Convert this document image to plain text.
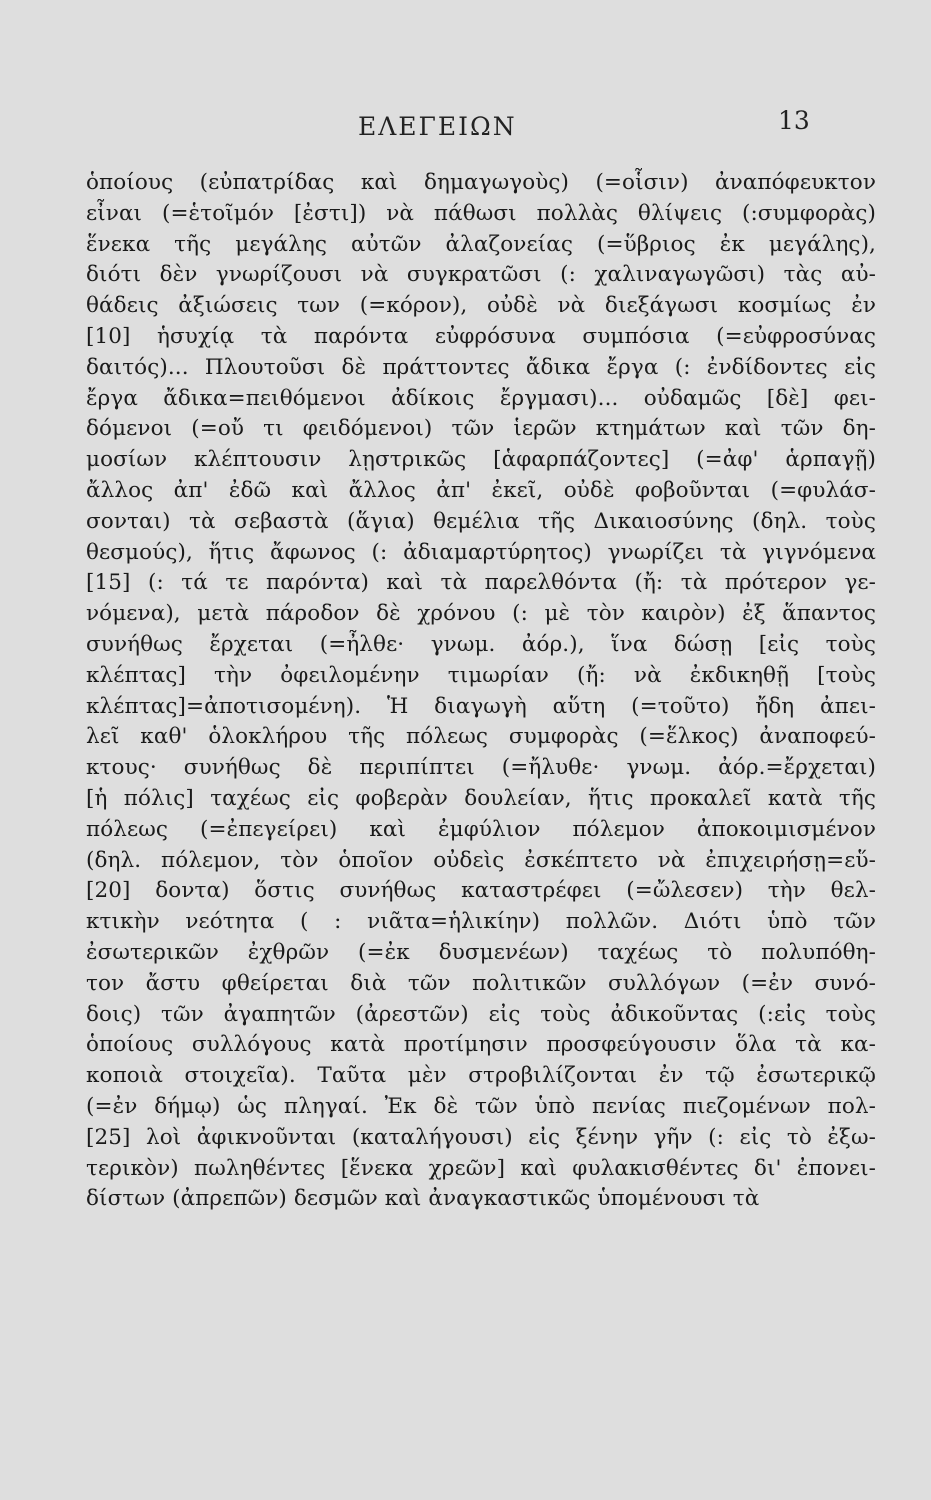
ΕΛΕΓΕΙΩΝ	13
ὁποίους (εὐπατρίδας καὶ δημαγωγοὺς) (=οἷσιν) ἀναπόφευκτον
εἶναι (=ἑτοῖμόν [ἐστι]) νὰ πάθωσι πολλὰς θλίψεις (:συμφορὰς)
ἕνεκα τῆς μεγάλης αὐτῶν ἀλαζονείας (=ὕβριος ἐκ μεγάλης),
διότι δὲν γνωρίζουσι νὰ συγκρατῶσι (: χαλιναγωγῶσι) τὰς αὐ-
θάδεις ἀξιώσεις των (=κόρον), οὐδὲ νὰ διεξάγωσι κοσμίως ἐν
[10] ἡσυχίᾳ τὰ παρόντα εὐφρόσυνα συμπόσια (=εὐφροσύνας
δαιτός)... Πλουτοῦσι δὲ πράττοντες ἄδικα ἔργα (: ἐνδίδοντες εἰς
ἔργα ἄδικα=πειθόμενοι ἀδίκοις ἔργμασι)... οὐδαμῶς [δὲ] φει-
δόμενοι (=οὔ τι φειδόμενοι) τῶν ἱερῶν κτημάτων καὶ τῶν δη-
μοσίων κλέπτουσιν λῃστρικῶς [ἁφαρπάζοντες] (=ἀφ' ἁρπαγῇ)
ἄλλος ἀπ' ἐδῶ καὶ ἄλλος ἀπ' ἐκεῖ, οὐδὲ φοβοῦνται (=φυλάσ-
σονται) τὰ σεβαστὰ (ἅγια) θεμέλια τῆς Δικαιοσύνης (δηλ. τοὺς
θεσμούς), ἥτις ἄφωνος (: ἀδιαμαρτύρητος) γνωρίζει τὰ γιγνόμενα
[15] (: τά τε παρόντα) καὶ τὰ παρελθόντα (ἤ: τὰ πρότερον γε-
νόμενα), μετὰ πάροδον δὲ χρόνου (: μὲ τὸν καιρὸν) ἐξ ἅπαντος
συνήθως ἔρχεται (=ἦλθε· γνωμ. ἀόρ.), ἵνα δώσῃ [εἰς τοὺς
κλέπτας] τὴν ὀφειλομένην τιμωρίαν (ἤ: νὰ ἐκδικηθῇ [τοὺς
κλέπτας]=ἀποτισομένη). Ἡ διαγωγὴ αὕτη (=τοῦτο) ἤδη ἀπει-
λεῖ καθ' ὁλοκλήρου τῆς πόλεως συμφορὰς (=ἕλκος) ἀναποφεύ-
κτους· συνήθως δὲ περιπίπτει (=ἤλυθε· γνωμ. ἀόρ.=ἔρχεται)
[ἡ πόλις] ταχέως εἰς φοβερὰν δουλείαν, ἥτις προκαλεῖ κατὰ τῆς
πόλεως (=ἐπεγείρει) καὶ ἐμφύλιον πόλεμον ἀποκοιμισμένον
(δηλ. πόλεμον, τὸν ὁποῖον οὐδεὶς ἐσκέπτετο νὰ ἐπιχειρήσῃ=εὕ-
[20] δοντα) ὅστις συνήθως καταστρέφει (=ὤλεσεν) τὴν θελ-
κτικὴν νεότητα ( : νιᾶτα=ἡλικίην) πολλῶν. Διότι ὑπὸ τῶν
ἐσωτερικῶν ἐχθρῶν (=ἐκ δυσμενέων) ταχέως τὸ πολυπόθη-
τον ἄστυ φθείρεται διὰ τῶν πολιτικῶν συλλόγων (=ἐν συνό-
δοις) τῶν ἀγαπητῶν (ἀρεστῶν) εἰς τοὺς ἀδικοῦντας (:εἰς τοὺς
ὁποίους συλλόγους κατὰ προτίμησιν προσφεύγουσιν ὅλα τὰ κα-
κοποιὰ στοιχεῖα). Ταῦτα μὲν στροβιλίζονται ἐν τῷ ἐσωτερικῷ
(=ἐν δήμῳ) ὡς πληγαί. Ἐκ δὲ τῶν ὑπὸ πενίας πιεζομένων πολ-
[25] λοὶ ἀφικνοῦνται (καταλήγουσι) εἰς ξένην γῆν (: εἰς τὸ ἐξω-
τερικὸν) πωληθέντες [ἕνεκα χρεῶν] καὶ φυλακισθέντες δι' ἐπονει-
δίστων (ἀπρεπῶν) δεσμῶν καὶ ἀναγκαστικῶς ὑπομένουσι τὰ
